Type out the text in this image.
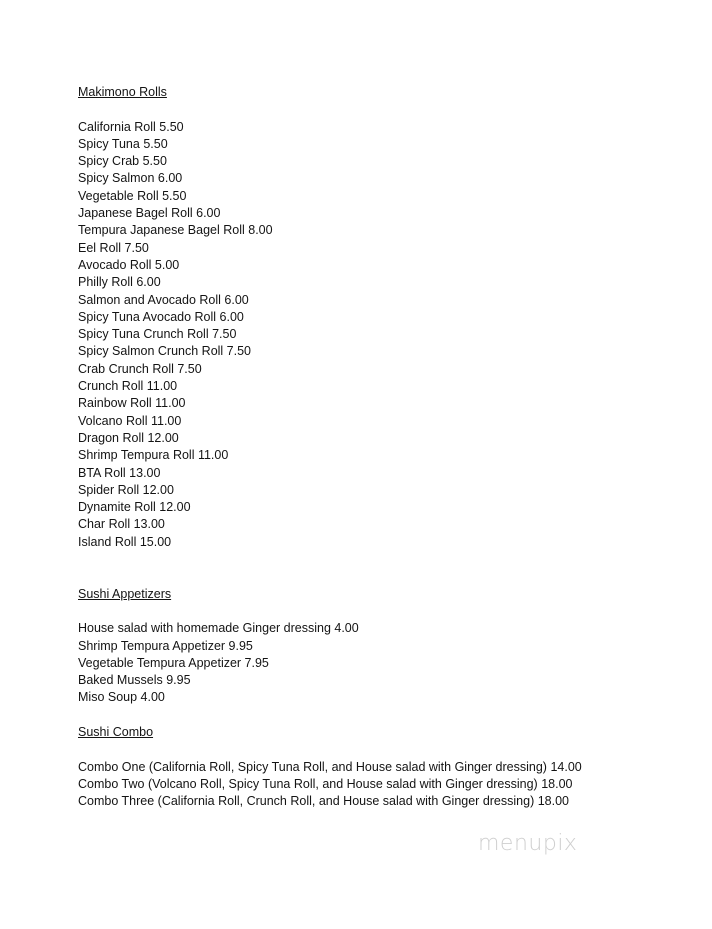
Makimono Rolls

California Roll 5.50

Spicy Tuna 5.50

Spicy Crab 5.50

Spicy Salmon 6.00

Vegetable Roll 5.50

Japanese Bagel Roll 6.00

Tempura Japanese Bagel Roll 8.00

Eel Roll 7.50

Avocado Roll 5.00

Philly Roll 6.00

Salmon and Avocado Roll 6.00

Spicy Tuna Avocado Roll 6.00

Spicy Tuna Crunch Roll 7.50

Spicy Salmon Crunch Roll 7.50

Crab Crunch Roll 7.50

Crunch Roll 11.00

Rainbow Roll 11.00

Volcano Roll 11.00

Dragon Roll 12.00

Shrimp Tempura Roll 11.00

BTA Roll 13.00

Spider Roll 12.00

Dynamite Roll 12.00

Char Roll 13.00

Island Roll 15.00

Sushi Appetizers

House salad with homemade Ginger dressing 4.00

Shrimp Tempura Appetizer 9.95

Vegetable Tempura Appetizer 7.95

Baked Mussels 9.95

Miso Soup 4.00

Sushi Combo

Combo One (California Roll, Spicy Tuna Roll, and House salad with Ginger dressing) 14.00

Combo Two (Volcano Roll, Spicy Tuna Roll, and House salad with Ginger dressing) 18.00

Combo Three (California Roll, Crunch Roll, and House salad with Ginger dressing) 18.00

menupix
